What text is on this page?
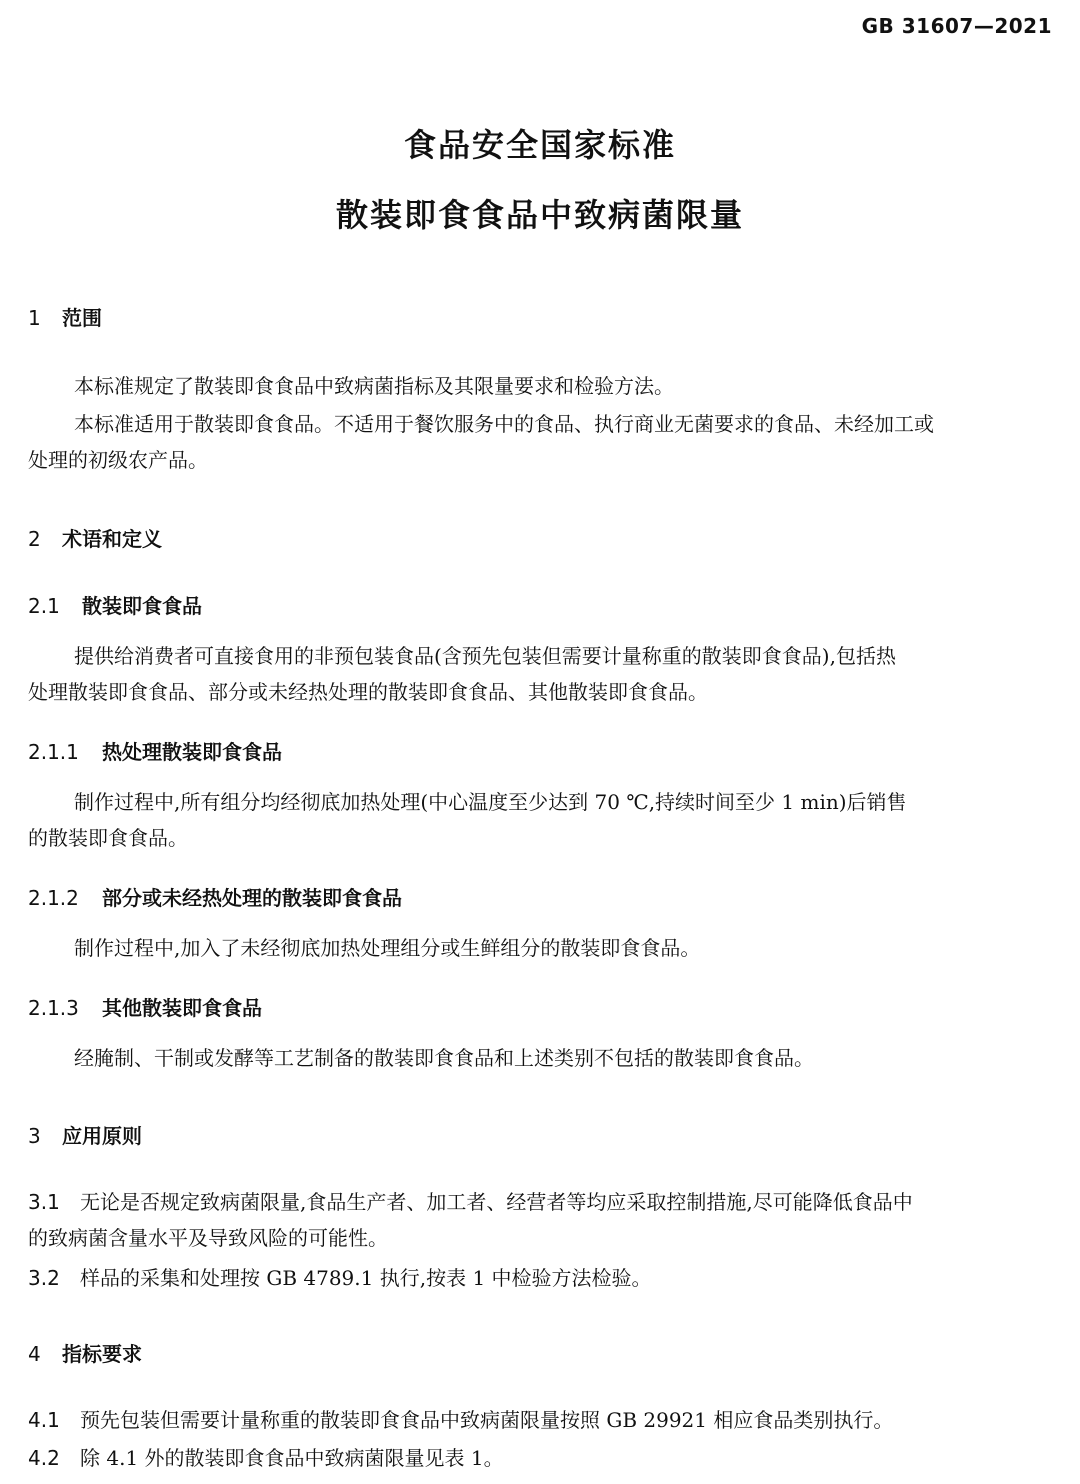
GB 31607—2021
食品安全国家标准
散装即食食品中致病菌限量
1 范围
本标准规定了散装即食食品中致病菌指标及其限量要求和检验方法。
本标准适用于散装即食食品。不适用于餐饮服务中的食品、执行商业无菌要求的食品、未经加工或
处理的初级农产品。
2 术语和定义
2.1 散装即食食品
提供给消费者可直接食用的非预包装食品(含预先包装但需要计量称重的散装即食食品),包括热
处理散装即食食品、部分或未经热处理的散装即食食品、其他散装即食食品。
2.1.1 热处理散装即食食品
制作过程中,所有组分均经彻底加热处理(中心温度至少达到 70 ℃,持续时间至少 1 min)后销售
的散装即食食品。
2.1.2 部分或未经热处理的散装即食食品
制作过程中,加入了未经彻底加热处理组分或生鲜组分的散装即食食品。
2.1.3 其他散装即食食品
经腌制、干制或发酵等工艺制备的散装即食食品和上述类别不包括的散装即食食品。
3 应用原则
3.1 无论是否规定致病菌限量,食品生产者、加工者、经营者等均应采取控制措施,尽可能降低食品中
的致病菌含量水平及导致风险的可能性。
3.2 样品的采集和处理按 GB 4789.1 执行,按表 1 中检验方法检验。
4 指标要求
4.1 预先包装但需要计量称重的散装即食食品中致病菌限量按照 GB 29921 相应食品类别执行。
4.2 除 4.1 外的散装即食食品中致病菌限量见表 1。
